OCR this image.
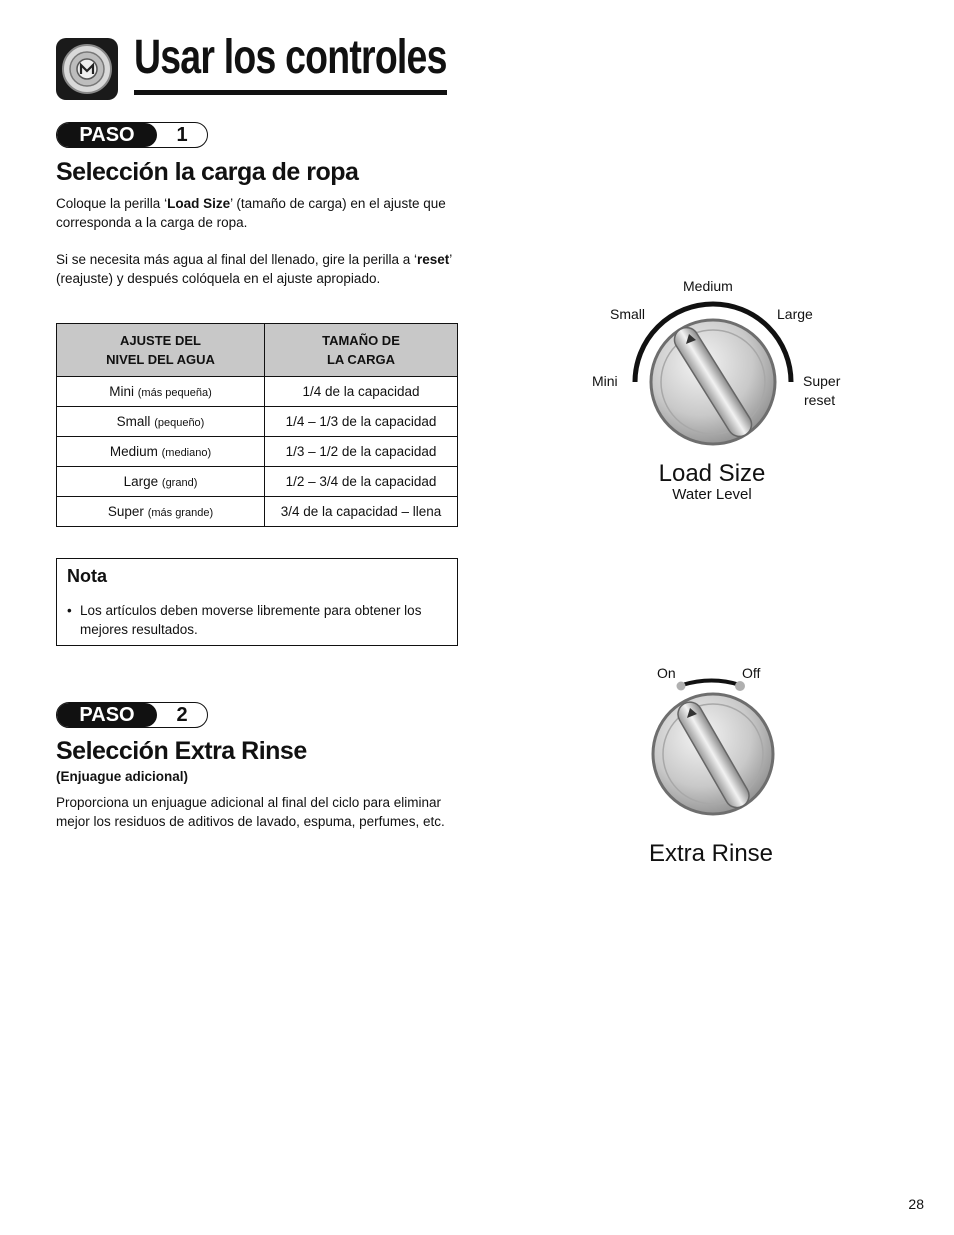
Usar los controles
PASO	1
Selección la carga de ropa

Coloque la perilla ‘Load Size’ (tamaño de carga) en el ajuste que corresponda a la carga de ropa.

Si se necesita más agua al final del llenado, gire la perilla a ‘reset’ (reajuste) y después colóquela en el ajuste apropiado.

AJUSTE DEL
NIVEL DEL AGUA	TAMAÑO DE
LA CARGA
Mini (más pequeña)	1/4 de la capacidad
Small (pequeño)	1/4 – 1/3 de la capacidad
Medium (mediano)	1/3 – 1/2 de la capacidad
Large (grand)	1/2 – 3/4 de la capacidad
Super (más grande)	3/4 de la capacidad – llena
Nota
• Los artículos deben moverse libremente para obtener los mejores resultados.
PASO	2
Selección Extra Rinse
(Enjuague adicional)

Proporciona un enjuague adicional al final del ciclo para eliminar mejor los residuos de aditivos de lavado, espuma, perfumes, etc.

Medium
Small	Large
Mini	Super
reset
Load Size
Water Level
On	Off
Extra Rinse
28
